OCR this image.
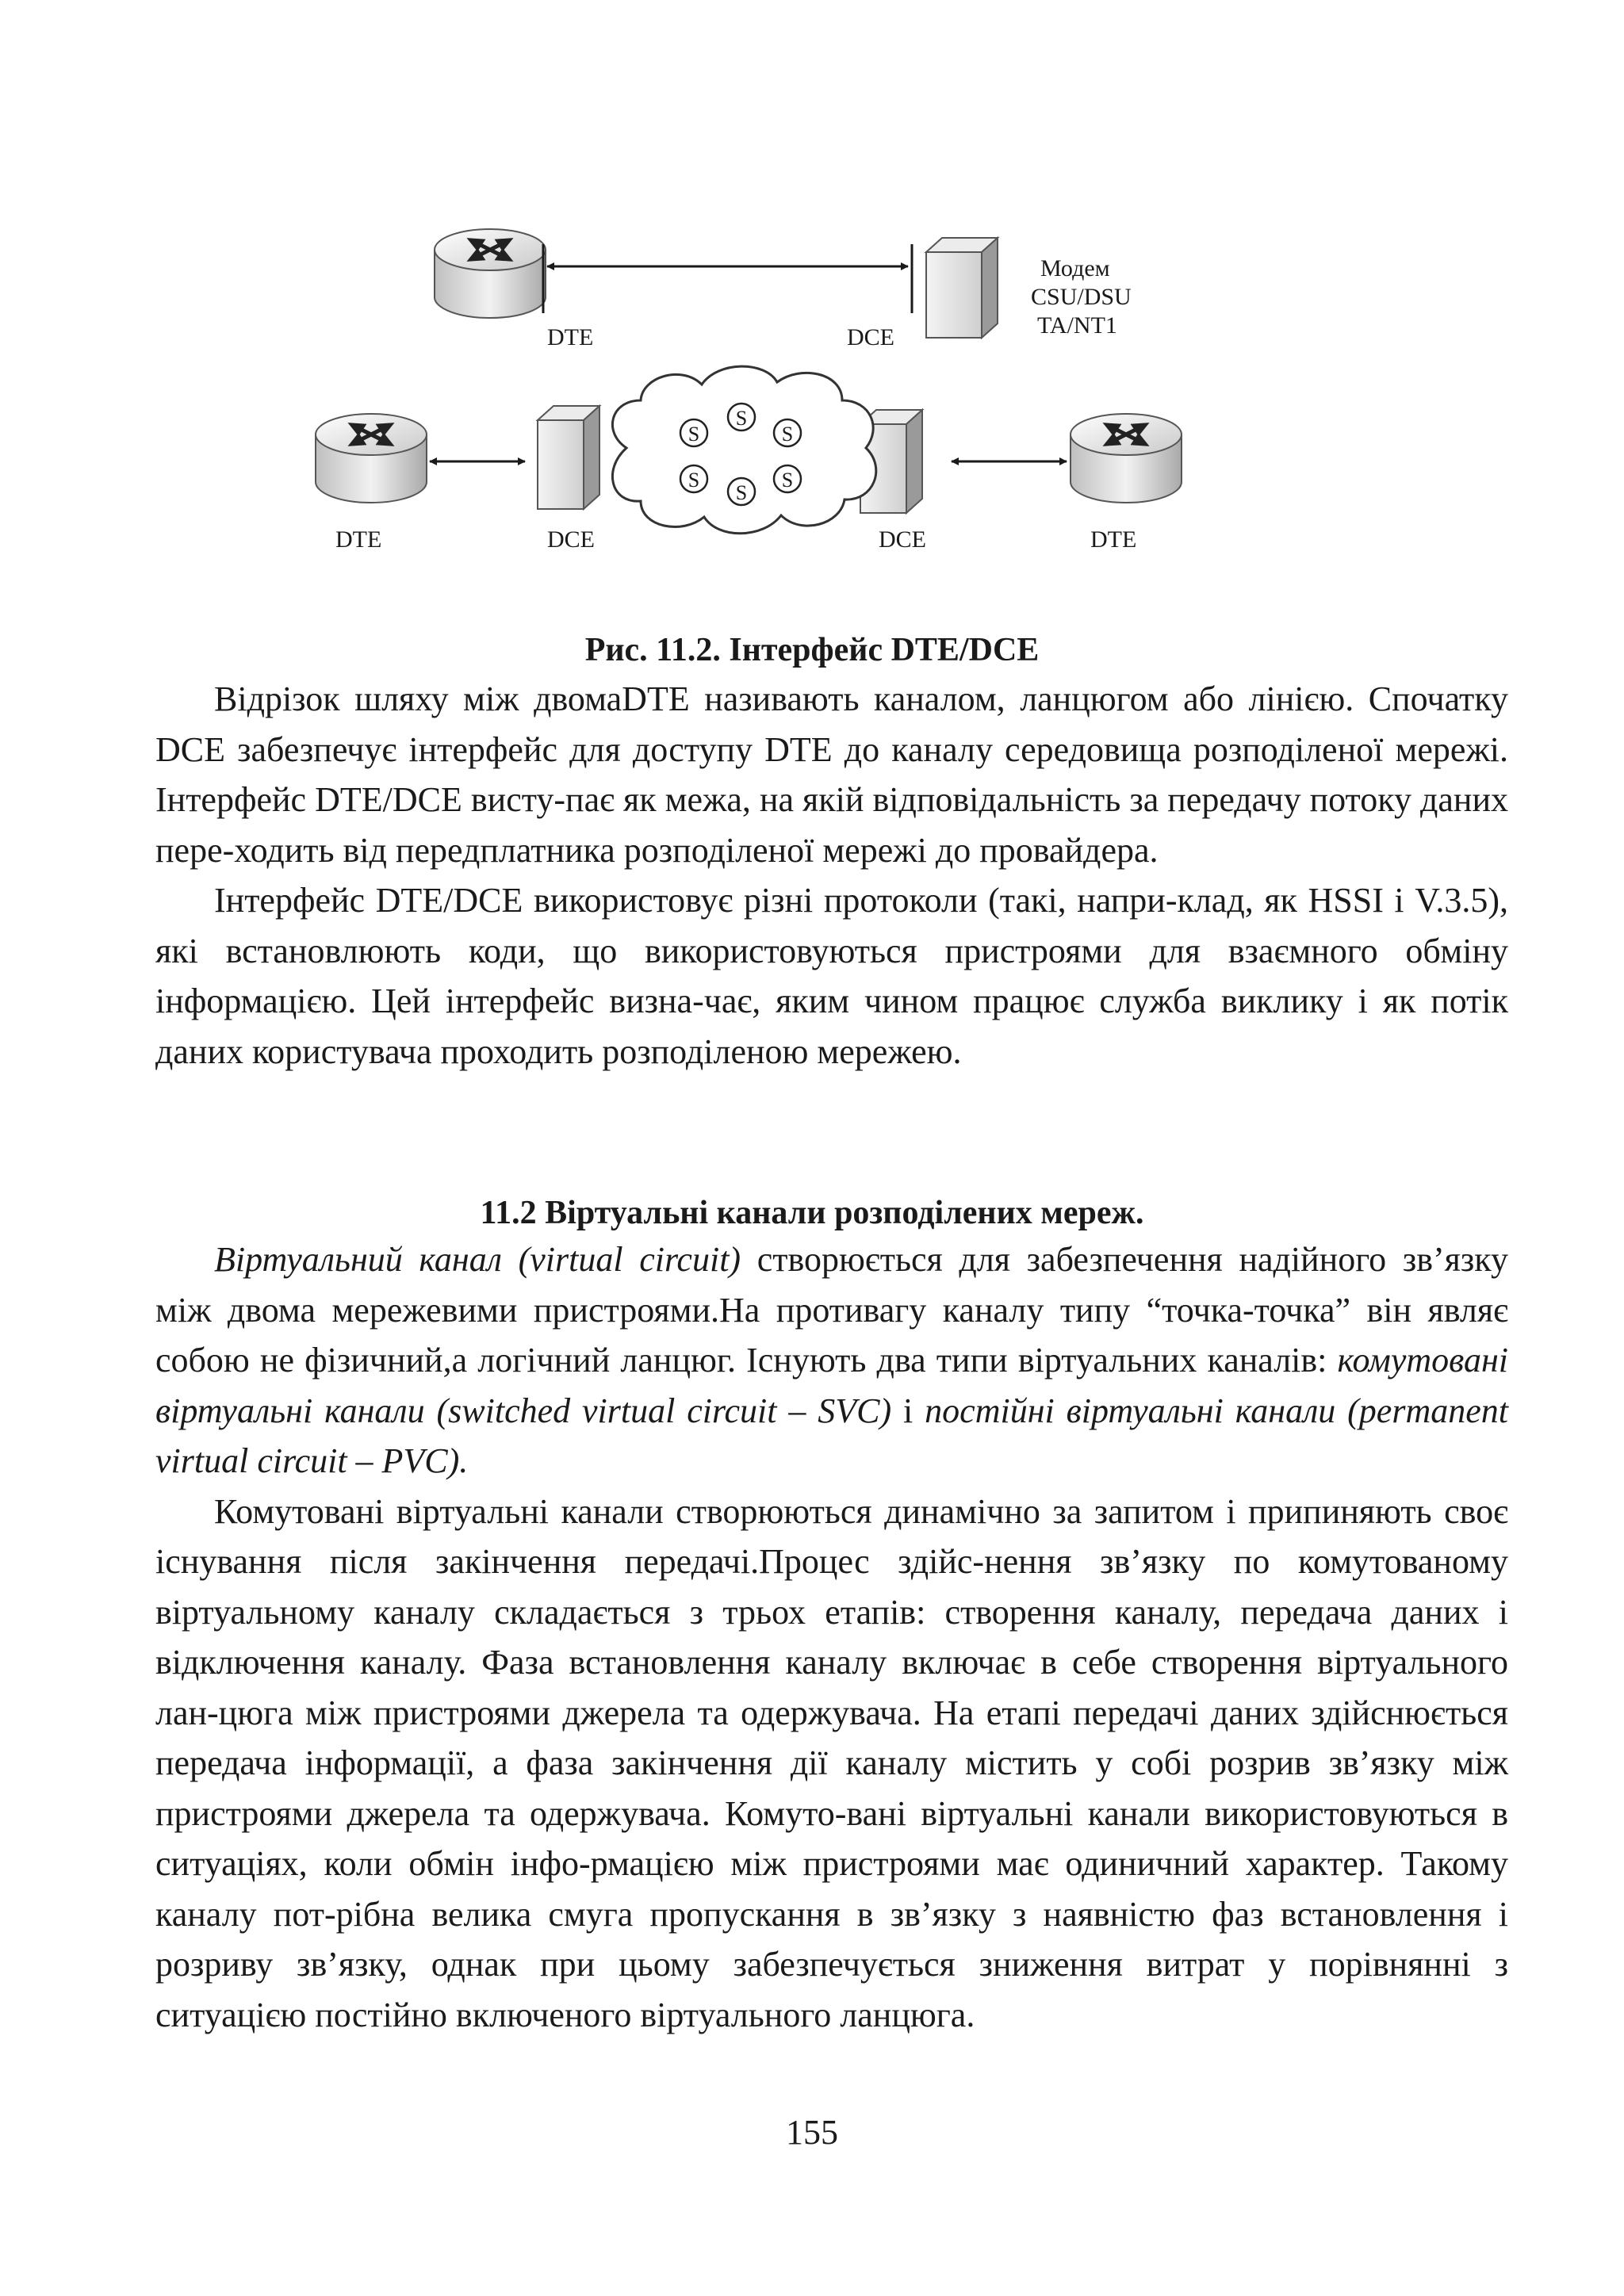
DTE	DCE
Модем
CSU/DSU
TA/NT1
S
S
S
S
S
S
DTE	DCE	DCE	DTE
Рис. 11.2. Інтерфейс DTE/DCE

Відрізок шляху між двомаDTE називають каналом, ланцюгом або лінією. Спочатку DCE забезпечує інтерфейс для доступу DTE до каналу середовища розподіленої мережі. Інтерфейс DTE/DCE висту-пає як межа, на якій відповідальність за передачу потоку даних пере-ходить від передплатника розподіленої мережі до провайдера.

Інтерфейс DTE/DCE використовує різні протоколи (такі, напри-клад, як HSSI і V.3.5), які встановлюють коди, що використовуються пристроями для взаємного обміну інформацією. Цей інтерфейс визна-чає, яким чином працює служба виклику і як потік даних користувача проходить розподіленою мережею.

11.2 Віртуальні канали розподілених мереж.

Віртуальний канал (virtual circuit) створюється для забезпечення надійного зв’язку між двома мережевими пристроями.На противагу каналу типу “точка-точка” він являє собою не фізичний,а логічний ланцюг. Існують два типи віртуальних каналів: комутовані віртуальні канали (switched virtual circuit – SVC) і постійні віртуальні канали (permanent virtual circuit – PVC).

Комутовані віртуальні канали створюються динамічно за запитом і припиняють своє існування після закінчення передачі.Процес здійс-нення зв’язку по комутованому віртуальному каналу складається з трьох етапів: створення каналу, передача даних і відключення каналу. Фаза встановлення каналу включає в себе створення віртуального лан-цюга між пристроями джерела та одержувача. На етапі передачі даних здійснюється передача інформації, а фаза закінчення дії каналу містить у собі розрив зв’язку між пристроями джерела та одержувача. Комуто-вані віртуальні канали використовуються в ситуаціях, коли обмін інфо-рмацією між пристроями має одиничний характер. Такому каналу пот-рібна велика смуга пропускання в зв’язку з наявністю фаз встановлення і розриву зв’язку, однак при цьому забезпечується зниження витрат у порівнянні з ситуацією постійно включеного віртуального ланцюга.

155
